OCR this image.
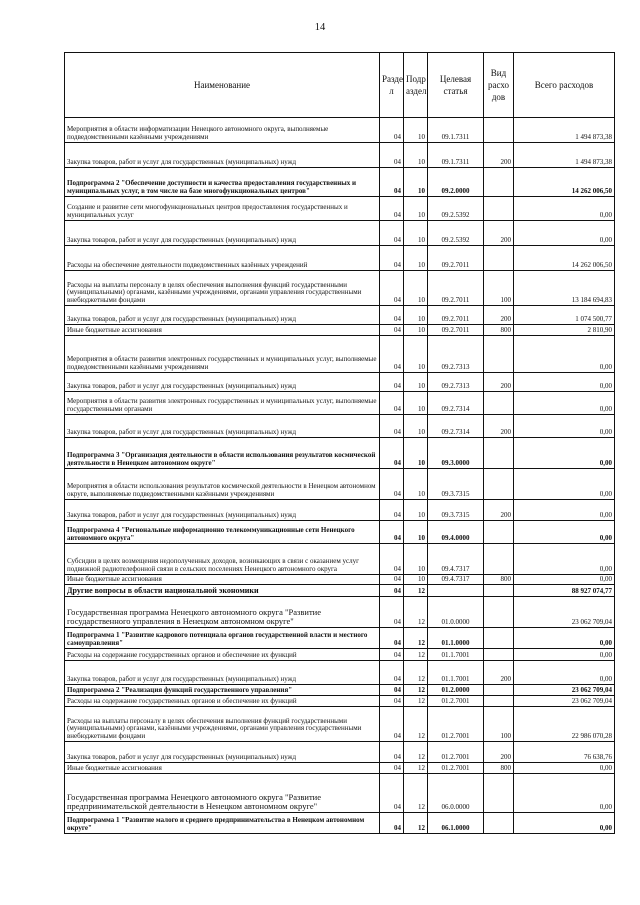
14
Наименование	Разде л	Подр аздел	Целевая статья	Вид расхо дов	Всего расходов
Мероприятия в области информатизации Ненецкого автономного округа, выполняемые подведомственными казёнными учреждениями	04	10	09.1.7311		1 494 873,38
Закупка товаров, работ и услуг для государственных (муниципальных) нужд	04	10	09.1.7311	200	1 494 873,38
Подпрограмма 2 "Обеспечение доступности и качества предоставления государственных и муниципальных услуг, в том числе на базе многофункциональных центров"	04	10	09.2.0000		14 262 006,50
Создание и развитие сети многофункциональных центров предоставления государственных и муниципальных услуг	04	10	09.2.5392		0,00
Закупка товаров, работ и услуг для государственных (муниципальных) нужд	04	10	09.2.5392	200	0,00
Расходы на обеспечение деятельности подведомственных казённых учреждений	04	10	09.2.7011		14 262 006,50
Расходы на выплаты персоналу в целях обеспечения выполнения функций государственными (муниципальными) органами, казёнными учреждениями, органами управления государственными внебюджетными фондами	04	10	09.2.7011	100	13 184 694,83
Закупка товаров, работ и услуг для государственных (муниципальных) нужд	04	10	09.2.7011	200	1 074 500,77
Иные бюджетные ассигнования	04	10	09.2.7011	800	2 810,90
Мероприятия в области развития электронных государственных и муниципальных услуг, выполняемые подведомственными казёнными учреждениями	04	10	09.2.7313		0,00
Закупка товаров, работ и услуг для государственных (муниципальных) нужд	04	10	09.2.7313	200	0,00
Мероприятия в области развития электронных государственных и муниципальных услуг, выполняемые государственными органами	04	10	09.2.7314		0,00
Закупка товаров, работ и услуг для государственных (муниципальных) нужд	04	10	09.2.7314	200	0,00
Подпрограмма 3 "Организация деятельности в области использования результатов космической деятельности в Ненецком автономном округе"	04	10	09.3.0000		0,00
Мероприятия в области использования результатов космической деятельности в Ненецком автономном округе, выполняемые подведомственными казёнными учреждениями	04	10	09.3.7315		0,00
Закупка товаров, работ и услуг для государственных (муниципальных) нужд	04	10	09.3.7315	200	0,00
Подпрограмма 4 "Региональные информационно телекоммуникационные сети Ненецкого автономного округа"	04	10	09.4.0000		0,00
Субсидии в целях возмещения недополученных доходов, возникающих в связи с оказанием услуг подвижной радиотелефонной связи в сельских поселениях Ненецкого автономного округа	04	10	09.4.7317		0,00
Иные бюджетные ассигнования	04	10	09.4.7317	800	0,00
Другие вопросы в области национальной экономики	04	12			88 927 074,77
Государственная программа Ненецкого автономного округа "Развитие государственного управления в Ненецком автономном округе"	04	12	01.0.0000		23 062 709,04
Подпрограмма 1 "Развитие кадрового потенциала органов государственной власти и местного самоуправления"	04	12	01.1.0000		0,00
Расходы на содержание государственных органов и обеспечение их функций	04	12	01.1.7001		0,00
Закупка товаров, работ и услуг для государственных (муниципальных) нужд	04	12	01.1.7001	200	0,00
Подпрограмма 2 "Реализация функций государственного управления"	04	12	01.2.0000		23 062 709,04
Расходы на содержание государственных органов и обеспечение их функций	04	12	01.2.7001		23 062 709,04
Расходы на выплаты персоналу в целях обеспечения выполнения функций государственными (муниципальными) органами, казёнными учреждениями, органами управления государственными внебюджетными фондами	04	12	01.2.7001	100	22 986 070,28
Закупка товаров, работ и услуг для государственных (муниципальных) нужд	04	12	01.2.7001	200	76 638,76
Иные бюджетные ассигнования	04	12	01.2.7001	800	0,00
Государственная программа Ненецкого автономного округа "Развитие предпринимательской деятельности в Ненецком автономном округе"	04	12	06.0.0000		0,00
Подпрограмма 1 "Развитие малого и среднего предпринимательства в Ненецком автономном округе"	04	12	06.1.0000		0,00
